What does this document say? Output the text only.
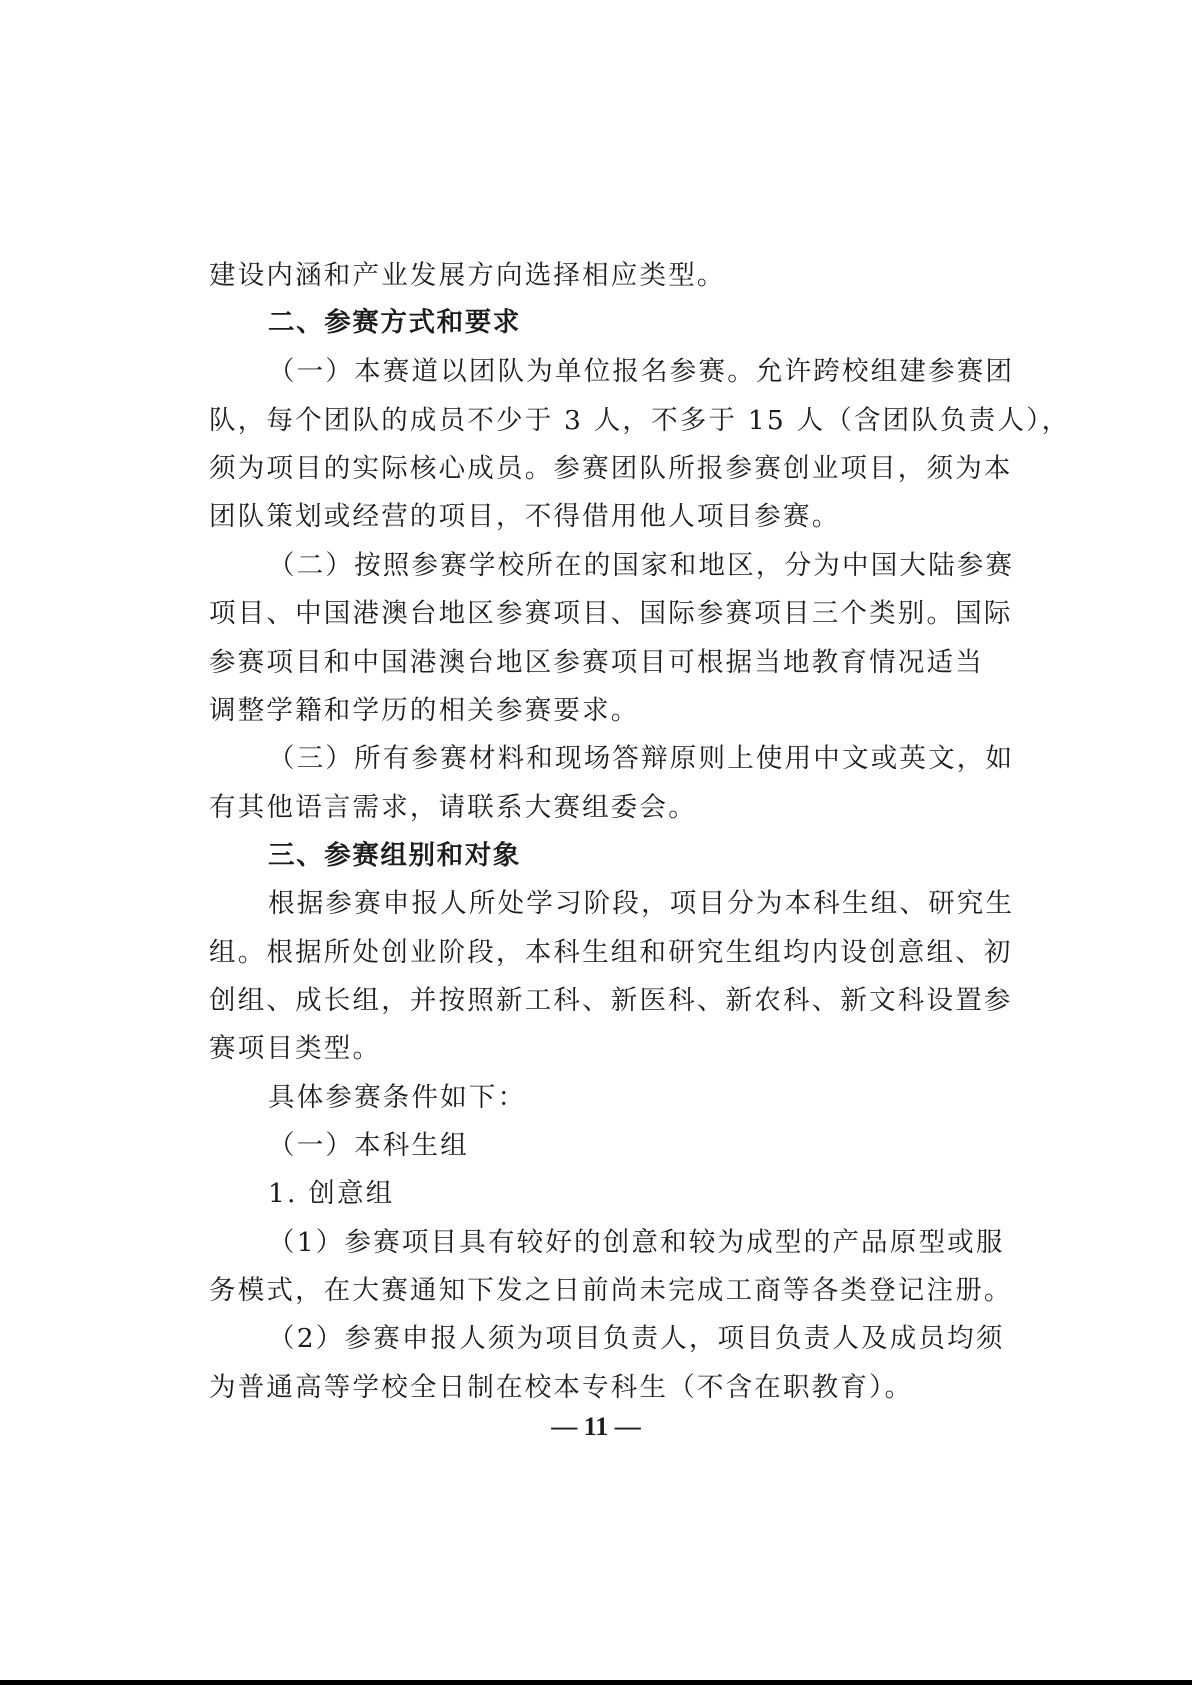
建设内涵和产业发展方向选择相应类型。
二、参赛方式和要求
（一）本赛道以团队为单位报名参赛。允许跨校组建参赛团
队，每个团队的成员不少于 3 人，不多于 15 人（含团队负责人），
须为项目的实际核心成员。参赛团队所报参赛创业项目，须为本
团队策划或经营的项目，不得借用他人项目参赛。
（二）按照参赛学校所在的国家和地区，分为中国大陆参赛
项目、中国港澳台地区参赛项目、国际参赛项目三个类别。国际
参赛项目和中国港澳台地区参赛项目可根据当地教育情况适当
调整学籍和学历的相关参赛要求。
（三）所有参赛材料和现场答辩原则上使用中文或英文，如
有其他语言需求，请联系大赛组委会。
三、参赛组别和对象
根据参赛申报人所处学习阶段，项目分为本科生组、研究生
组。根据所处创业阶段，本科生组和研究生组均内设创意组、初
创组、成长组，并按照新工科、新医科、新农科、新文科设置参
赛项目类型。
具体参赛条件如下：
（一）本科生组
1. 创意组
（1）参赛项目具有较好的创意和较为成型的产品原型或服
务模式，在大赛通知下发之日前尚未完成工商等各类登记注册。
（2）参赛申报人须为项目负责人，项目负责人及成员均须
为普通高等学校全日制在校本专科生（不含在职教育）。
— 11 —
